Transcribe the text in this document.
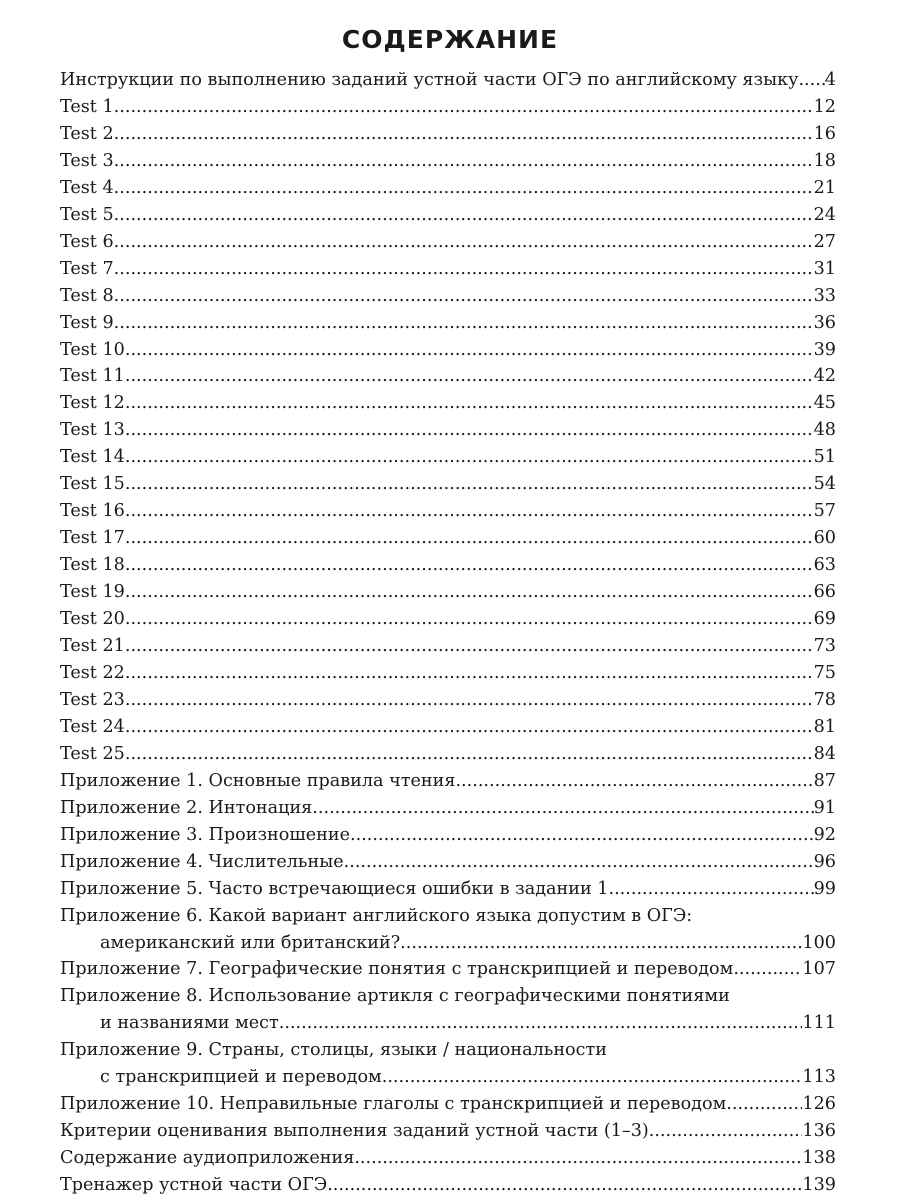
СОДЕРЖАНИЕ
Инструкции по выполнению заданий устной части ОГЭ по английскому языку ..... 4
Test 1 .....	12
Test 2 .....	16
Test 3 .....	18
Test 4 .....	21
Test 5 .....	24
Test 6 .....	27
Test 7 .....	31
Test 8 .....	33
Test 9 .....	36
Test 10 .....	39
Test 11 .....	42
Test 12 .....	45
Test 13 .....	48
Test 14 .....	51
Test 15 .....	54
Test 16 .....	57
Test 17 .....	60
Test 18 .....	63
Test 19 .....	66
Test 20 .....	69
Test 21 .....	73
Test 22 .....	75
Test 23 .....	78
Test 24 .....	81
Test 25 .....	84
Приложение 1. Основные правила чтения .....	87
Приложение 2. Интонация .....	91
Приложение 3. Произношение .....	92
Приложение 4. Числительные .....	96
Приложение 5. Часто встречающиеся ошибки в задании 1 .....	99
Приложение 6. Какой вариант английского языка допустим в ОГЭ:
американский или британский? .....	100
Приложение 7. Географические понятия с транскрипцией и переводом .....	107
Приложение 8. Использование артикля с географическими понятиями
и названиями мест .....	111
Приложение 9. Страны, столицы, языки / национальности
с транскрипцией и переводом .....	113
Приложение 10. Неправильные глаголы с транскрипцией и переводом .....	126
Критерии оценивания выполнения заданий устной части (1–3) .....	136
Содержание аудиоприложения .....	138
Тренажер устной части ОГЭ .....	139
